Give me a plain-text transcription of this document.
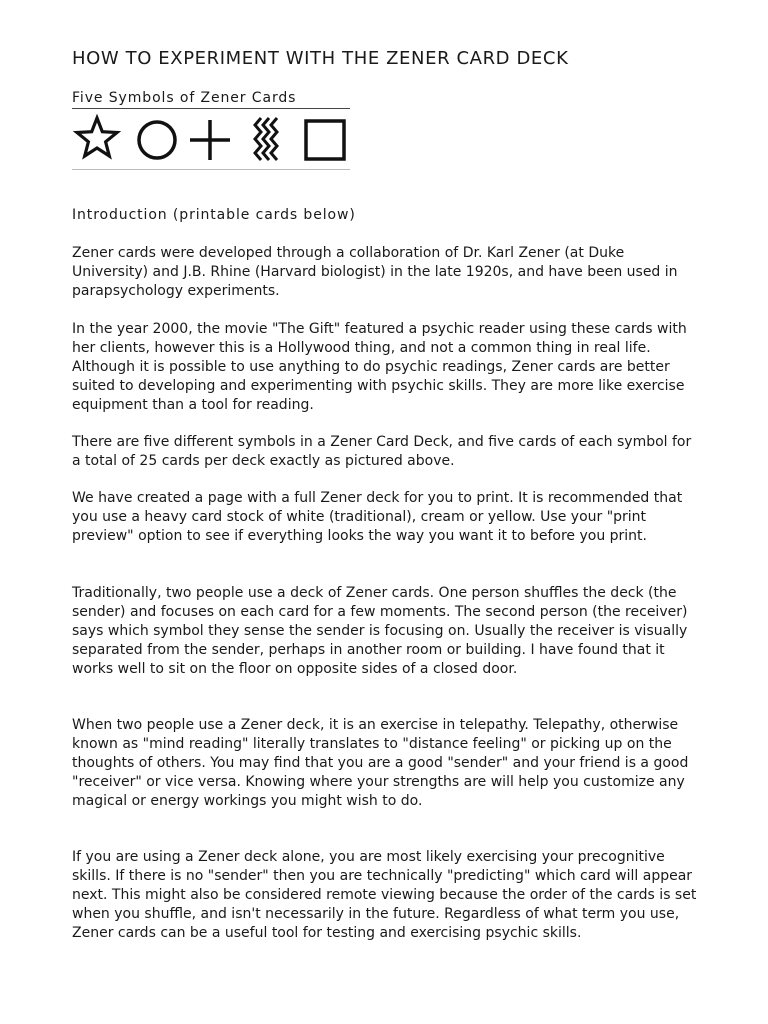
HOW TO EXPERIMENT WITH THE ZENER CARD DECK
Five Symbols of Zener Cards
Introduction (printable cards below)

Zener cards were developed through a collaboration of Dr. Karl Zener (at Duke University) and J.B. Rhine (Harvard biologist) in the late 1920s, and have been used in parapsychology experiments.

In the year 2000, the movie "The Gift" featured a psychic reader using these cards with her clients, however this is a Hollywood thing, and not a common thing in real life. Although it is possible to use anything to do psychic readings, Zener cards are better suited to developing and experimenting with psychic skills. They are more like exercise equipment than a tool for reading.

There are five different symbols in a Zener Card Deck, and five cards of each symbol for a total of 25 cards per deck exactly as pictured above.

We have created a page with a full Zener deck for you to print. It is recommended that you use a heavy card stock of white (traditional), cream or yellow. Use your "print preview" option to see if everything looks the way you want it to before you print.

Traditionally, two people use a deck of Zener cards. One person shuffles the deck (the sender) and focuses on each card for a few moments. The second person (the receiver) says which symbol they sense the sender is focusing on. Usually the receiver is visually separated from the sender, perhaps in another room or building. I have found that it works well to sit on the floor on opposite sides of a closed door.

When two people use a Zener deck, it is an exercise in telepathy. Telepathy, otherwise known as "mind reading" literally translates to "distance feeling" or picking up on the thoughts of others. You may find that you are a good "sender" and your friend is a good "receiver" or vice versa. Knowing where your strengths are will help you customize any magical or energy workings you might wish to do.

If you are using a Zener deck alone, you are most likely exercising your precognitive skills. If there is no "sender" then you are technically "predicting" which card will appear next. This might also be considered remote viewing because the order of the cards is set when you shuffle, and isn't necessarily in the future. Regardless of what term you use, Zener cards can be a useful tool for testing and exercising psychic skills.
